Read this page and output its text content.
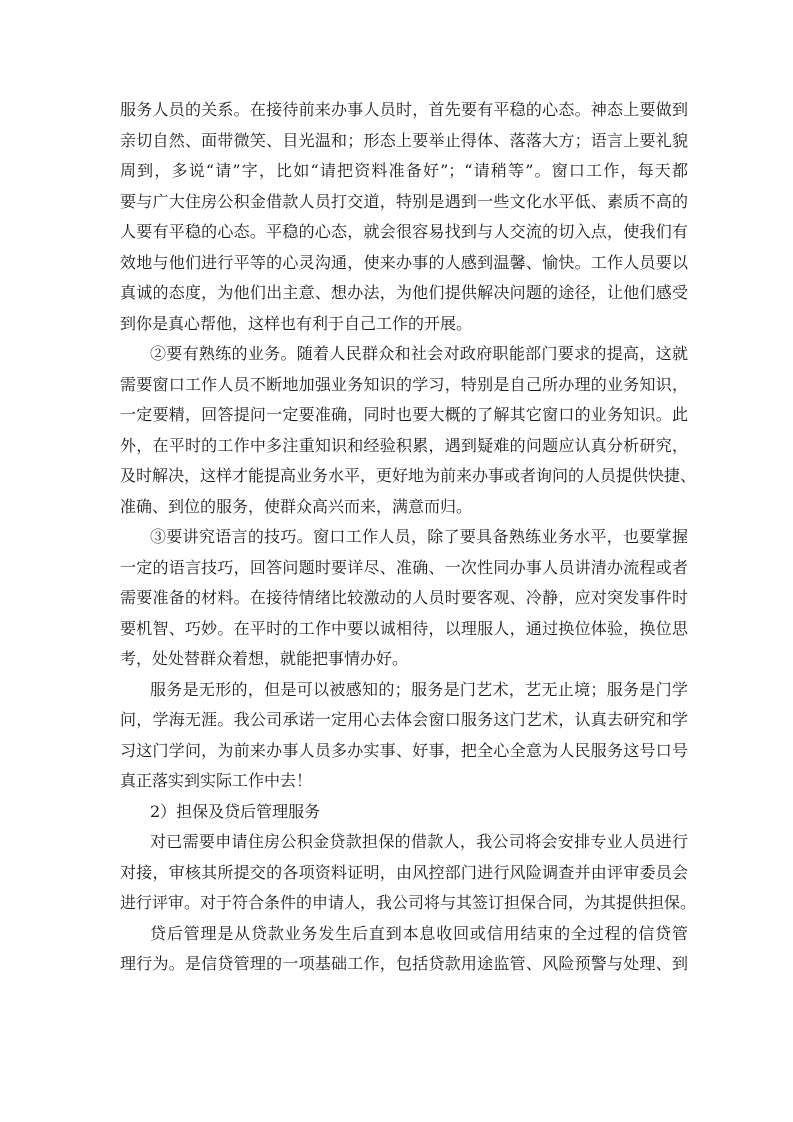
服务人员的关系。在接待前来办事人员时，首先要有平稳的心态。神态上要做到
亲切自然、面带微笑、目光温和；形态上要举止得体、落落大方；语言上要礼貌
周到，多说“请”字，比如“请把资料准备好”；“请稍等”。窗口工作，每天都
要与广大住房公积金借款人员打交道，特别是遇到一些文化水平低、素质不高的
人要有平稳的心态。平稳的心态，就会很容易找到与人交流的切入点，使我们有
效地与他们进行平等的心灵沟通，使来办事的人感到温馨、愉快。工作人员要以
真诚的态度，为他们出主意、想办法，为他们提供解决问题的途径，让他们感受
到你是真心帮他，这样也有利于自己工作的开展。
②要有熟练的业务。随着人民群众和社会对政府职能部门要求的提高，这就
需要窗口工作人员不断地加强业务知识的学习，特别是自己所办理的业务知识，
一定要精，回答提问一定要准确，同时也要大概的了解其它窗口的业务知识。此
外，在平时的工作中多注重知识和经验积累，遇到疑难的问题应认真分析研究，
及时解决，这样才能提高业务水平，更好地为前来办事或者询问的人员提供快捷、
准确、到位的服务，使群众高兴而来，满意而归。
③要讲究语言的技巧。窗口工作人员，除了要具备熟练业务水平，也要掌握
一定的语言技巧，回答问题时要详尽、准确、一次性同办事人员讲清办流程或者
需要准备的材料。在接待情绪比较激动的人员时要客观、冷静，应对突发事件时
要机智、巧妙。在平时的工作中要以诚相待，以理服人，通过换位体验，换位思
考，处处替群众着想，就能把事情办好。
服务是无形的，但是可以被感知的；服务是门艺术，艺无止境；服务是门学
问，学海无涯。我公司承诺一定用心去体会窗口服务这门艺术，认真去研究和学
习这门学问，为前来办事人员多办实事、好事，把全心全意为人民服务这号口号
真正落实到实际工作中去！
2）担保及贷后管理服务
对已需要申请住房公积金贷款担保的借款人，我公司将会安排专业人员进行
对接，审核其所提交的各项资料证明，由风控部门进行风险调查并由评审委员会
进行评审。对于符合条件的申请人，我公司将与其签订担保合同，为其提供担保。
贷后管理是从贷款业务发生后直到本息收回或信用结束的全过程的信贷管
理行为。是信贷管理的一项基础工作，包括贷款用途监管、风险预警与处理、到
